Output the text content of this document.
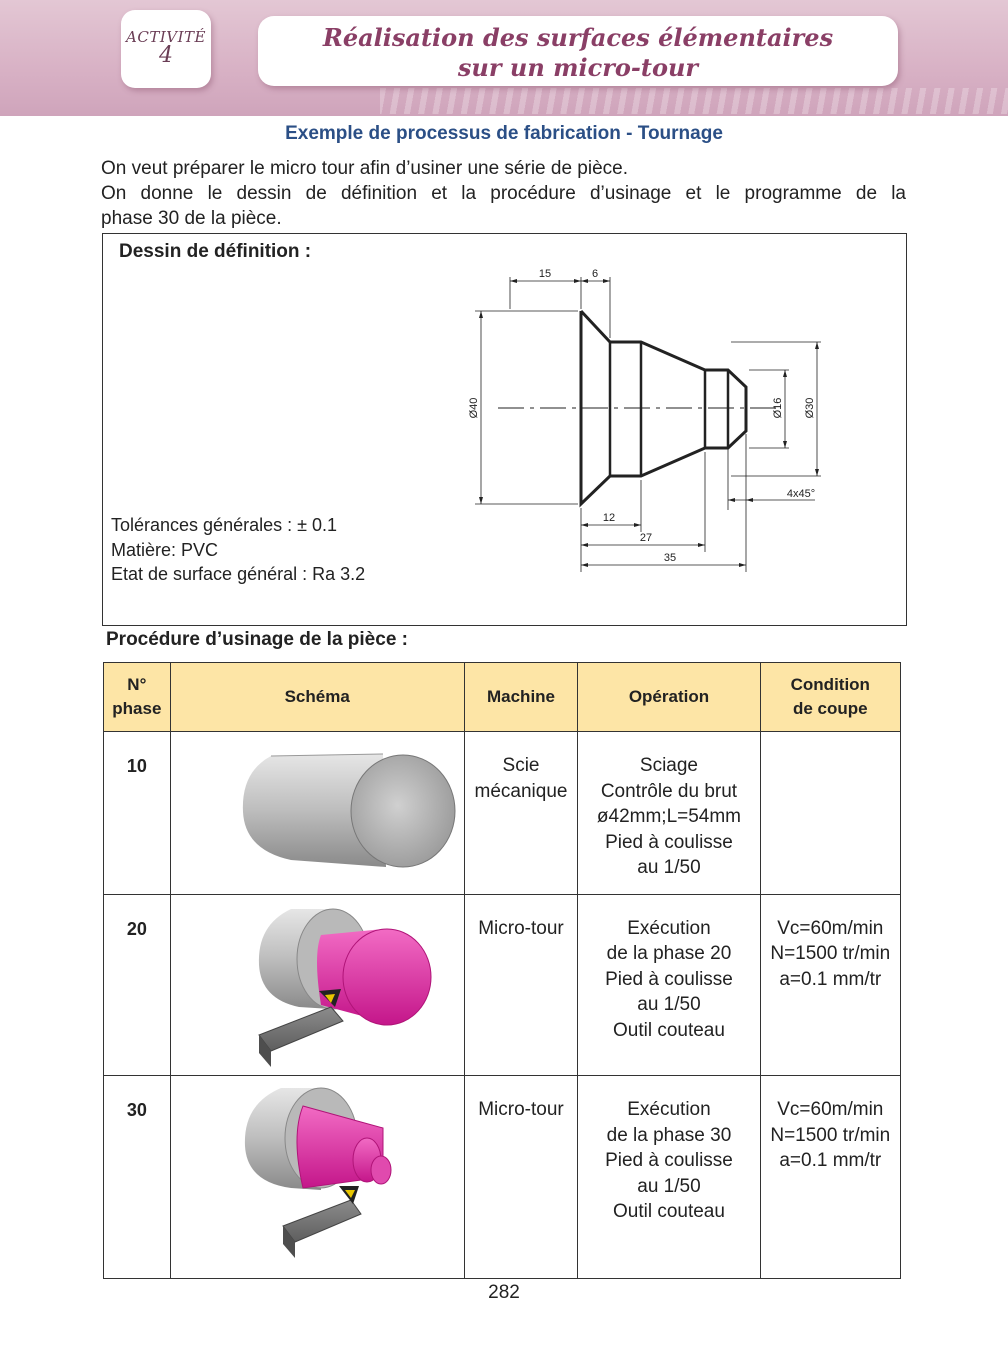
ACTIVITÉ
4
Réalisation des surfaces élémentaires
sur un micro-tour
Exemple de processus de fabrication - Tournage
On veut préparer le micro tour afin d’usiner une série de pièce.
On donne le dessin de définition et la procédure d’usinage et le programme de la
phase 30 de la pièce.
15	6
Ø40	Ø16 Ø30
4x45°
12
27
35
Dessin de définition :
Tolérances générales : ± 0.1
Matière: PVC
Etat de surface général : Ra 3.2
Procédure d’usinage de la pièce :
N°
phase	Schéma	Machine	Opération	Condition
de coupe

10		Scie
mécanique	Sciage
Contrôle du brut
ø42mm;L=54mm
Pied à coulisse
au 1/50	

20		Micro-tour	Exécution
de la phase 20
Pied à coulisse
au 1/50
Outil couteau	Vc=60m/min
N=1500 tr/min
a=0.1 mm/tr

30		Micro-tour	Exécution
de la phase 30
Pied à coulisse
au 1/50
Outil couteau	Vc=60m/min
N=1500 tr/min
a=0.1 mm/tr
282
